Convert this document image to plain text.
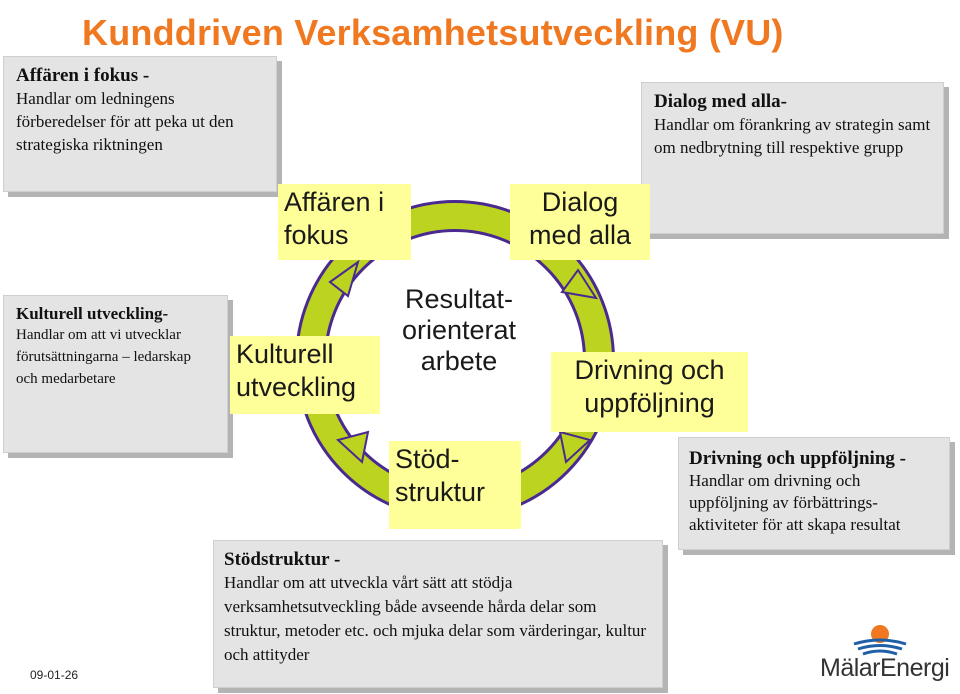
Kunddriven Verksamhetsutveckling (VU)
Affären i fokus -
Handlar om ledningens förberedelser för att peka ut den strategiska riktningen
Dialog med alla-
Handlar om förankring av strategin samt om nedbrytning till respektive grupp
Kulturell utveckling-
Handlar om att vi utvecklar förutsättningarna – ledarskap och medarbetare
Resultat-
orienterat
arbete
Affären i
fokus
Dialog
med alla
Kulturell
utveckling
Drivning och
uppföljning
Stöd-
struktur
Drivning och uppföljning -
Handlar om drivning och uppföljning av förbättrings-aktiviteter för att skapa resultat
Stödstruktur -
Handlar om att utveckla vårt sätt att stödja verksamhetsutveckling både avseende hårda delar som struktur, metoder etc. och mjuka delar som värderingar, kultur och attityder
09-01-26	MälarEnergi
